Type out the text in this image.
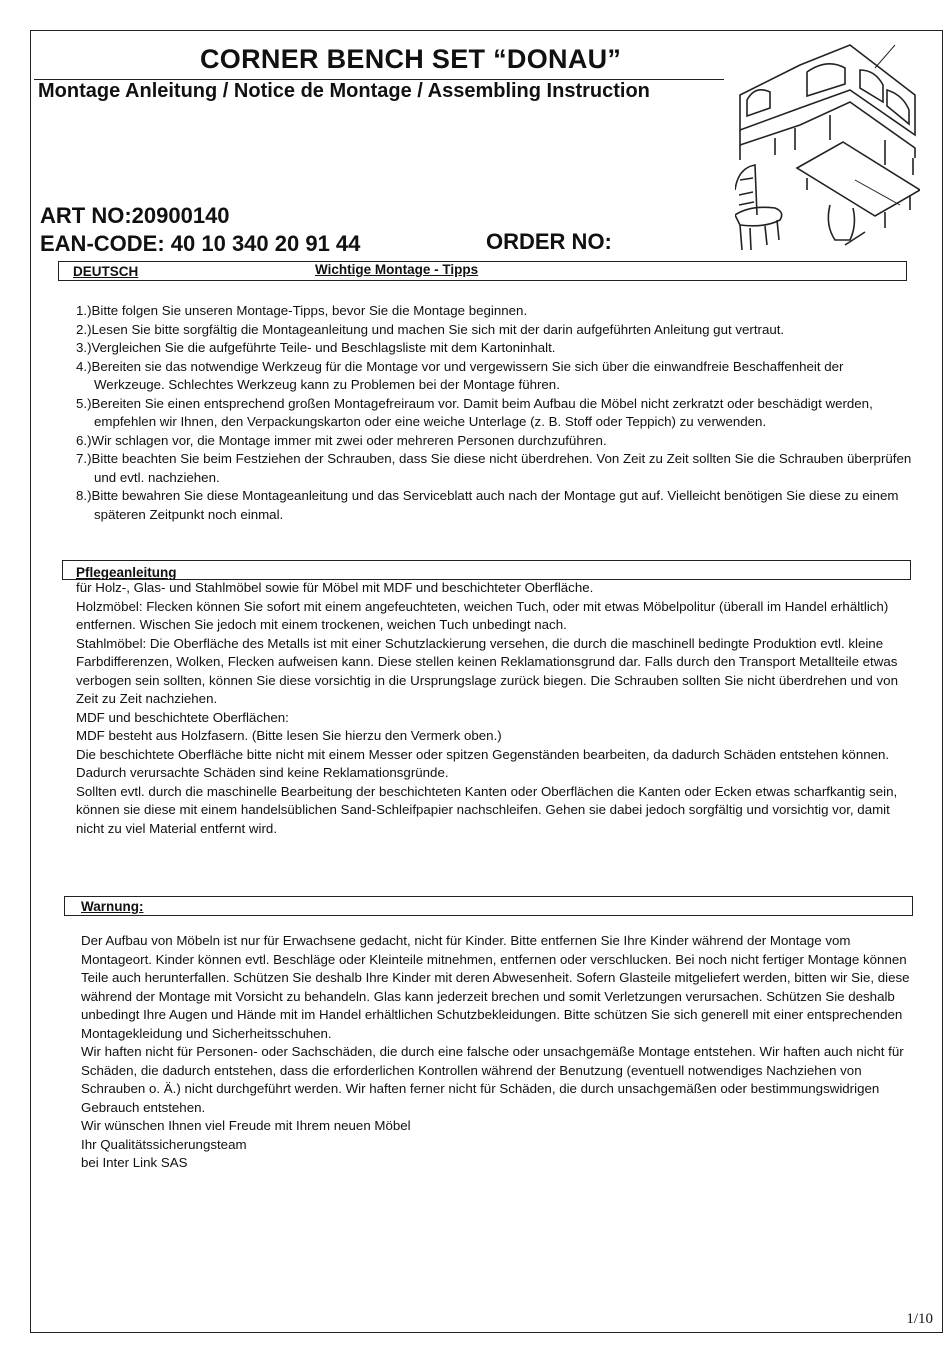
CORNER BENCH SET “DONAU”
Montage Anleitung / Notice de Montage / Assembling Instruction
ART NO:20900140
EAN-CODE: 40 10 340 20 91 44	ORDER NO:
DEUTSCH	Wichtige Montage - Tipps
1.)Bitte folgen Sie unseren Montage-Tipps, bevor Sie die Montage beginnen.
2.)Lesen Sie bitte sorgfältig die Montageanleitung und machen Sie sich mit der darin aufgeführten Anleitung gut vertraut.
3.)Vergleichen Sie die aufgeführte Teile- und Beschlagsliste mit dem Kartoninhalt.
4.)Bereiten sie das notwendige Werkzeug für die Montage vor und vergewissern Sie sich über die einwandfreie Beschaffenheit der Werkzeuge. Schlechtes Werkzeug kann zu Problemen bei der Montage führen.
5.)Bereiten Sie einen entsprechend großen Montagefreiraum vor. Damit beim Aufbau die Möbel nicht zerkratzt oder beschädigt werden, empfehlen wir Ihnen, den Verpackungskarton oder eine weiche Unterlage (z. B. Stoff oder Teppich) zu verwenden.
6.)Wir schlagen vor, die Montage immer mit zwei oder mehreren Personen durchzuführen.
7.)Bitte beachten Sie beim Festziehen der Schrauben, dass Sie diese nicht überdrehen. Von Zeit zu Zeit sollten Sie die Schrauben überprüfen und evtl. nachziehen.
8.)Bitte bewahren Sie diese Montageanleitung und das Serviceblatt auch nach der Montage gut auf. Vielleicht benötigen Sie diese zu einem späteren Zeitpunkt noch einmal.
Pflegeanleitung
für Holz-, Glas- und Stahlmöbel sowie für Möbel mit MDF und beschichteter Oberfläche.
Holzmöbel: Flecken können Sie sofort mit einem angefeuchteten, weichen Tuch, oder mit etwas Möbelpolitur (überall im Handel erhältlich) entfernen. Wischen Sie jedoch mit einem trockenen, weichen Tuch unbedingt nach.
Stahlmöbel: Die Oberfläche des Metalls ist mit einer Schutzlackierung versehen, die durch die maschinell bedingte Produktion evtl. kleine Farbdifferenzen, Wolken, Flecken aufweisen kann. Diese stellen keinen Reklamationsgrund dar. Falls durch den Transport Metallteile etwas verbogen sein sollten, können Sie diese vorsichtig in die Ursprungslage zurück biegen. Die Schrauben sollten Sie nicht überdrehen und von Zeit zu Zeit nachziehen.
MDF und beschichtete Oberflächen:
MDF besteht aus Holzfasern. (Bitte lesen Sie hierzu den Vermerk oben.)
Die beschichtete Oberfläche bitte nicht mit einem Messer oder spitzen Gegenständen bearbeiten, da dadurch Schäden entstehen können. Dadurch verursachte Schäden sind keine Reklamationsgründe.
Sollten evtl. durch die maschinelle Bearbeitung der beschichteten Kanten oder Oberflächen die Kanten oder Ecken etwas scharfkantig sein, können sie diese mit einem handelsüblichen Sand-Schleifpapier nachschleifen. Gehen sie dabei jedoch sorgfältig und vorsichtig vor, damit nicht zu viel Material entfernt wird.
Warnung:
Der Aufbau von Möbeln ist nur für Erwachsene gedacht, nicht für Kinder. Bitte entfernen Sie Ihre Kinder während der Montage vom Montageort. Kinder können evtl. Beschläge oder Kleinteile mitnehmen, entfernen oder verschlucken. Bei noch nicht fertiger Montage können Teile auch herunterfallen. Schützen Sie deshalb Ihre Kinder mit deren Abwesenheit. Sofern Glasteile mitgeliefert werden, bitten wir Sie, diese während der Montage mit Vorsicht zu behandeln. Glas kann jederzeit brechen und somit Verletzungen verursachen. Schützen Sie deshalb unbedingt Ihre Augen und Hände mit im Handel erhältlichen Schutzbekleidungen. Bitte schützen Sie sich generell mit einer entsprechenden Montagekleidung und Sicherheitsschuhen.
Wir haften nicht für Personen- oder Sachschäden, die durch eine falsche oder unsachgemäße Montage entstehen. Wir haften auch nicht für Schäden, die dadurch entstehen, dass die erforderlichen Kontrollen während der Benutzung (eventuell notwendiges Nachziehen von Schrauben o. Ä.) nicht durchgeführt werden. Wir haften ferner nicht für Schäden, die durch unsachgemäßen oder bestimmungswidrigen Gebrauch entstehen.
Wir wünschen Ihnen viel Freude mit Ihrem neuen Möbel
Ihr Qualitätssicherungsteam
bei Inter Link SAS
1/10
